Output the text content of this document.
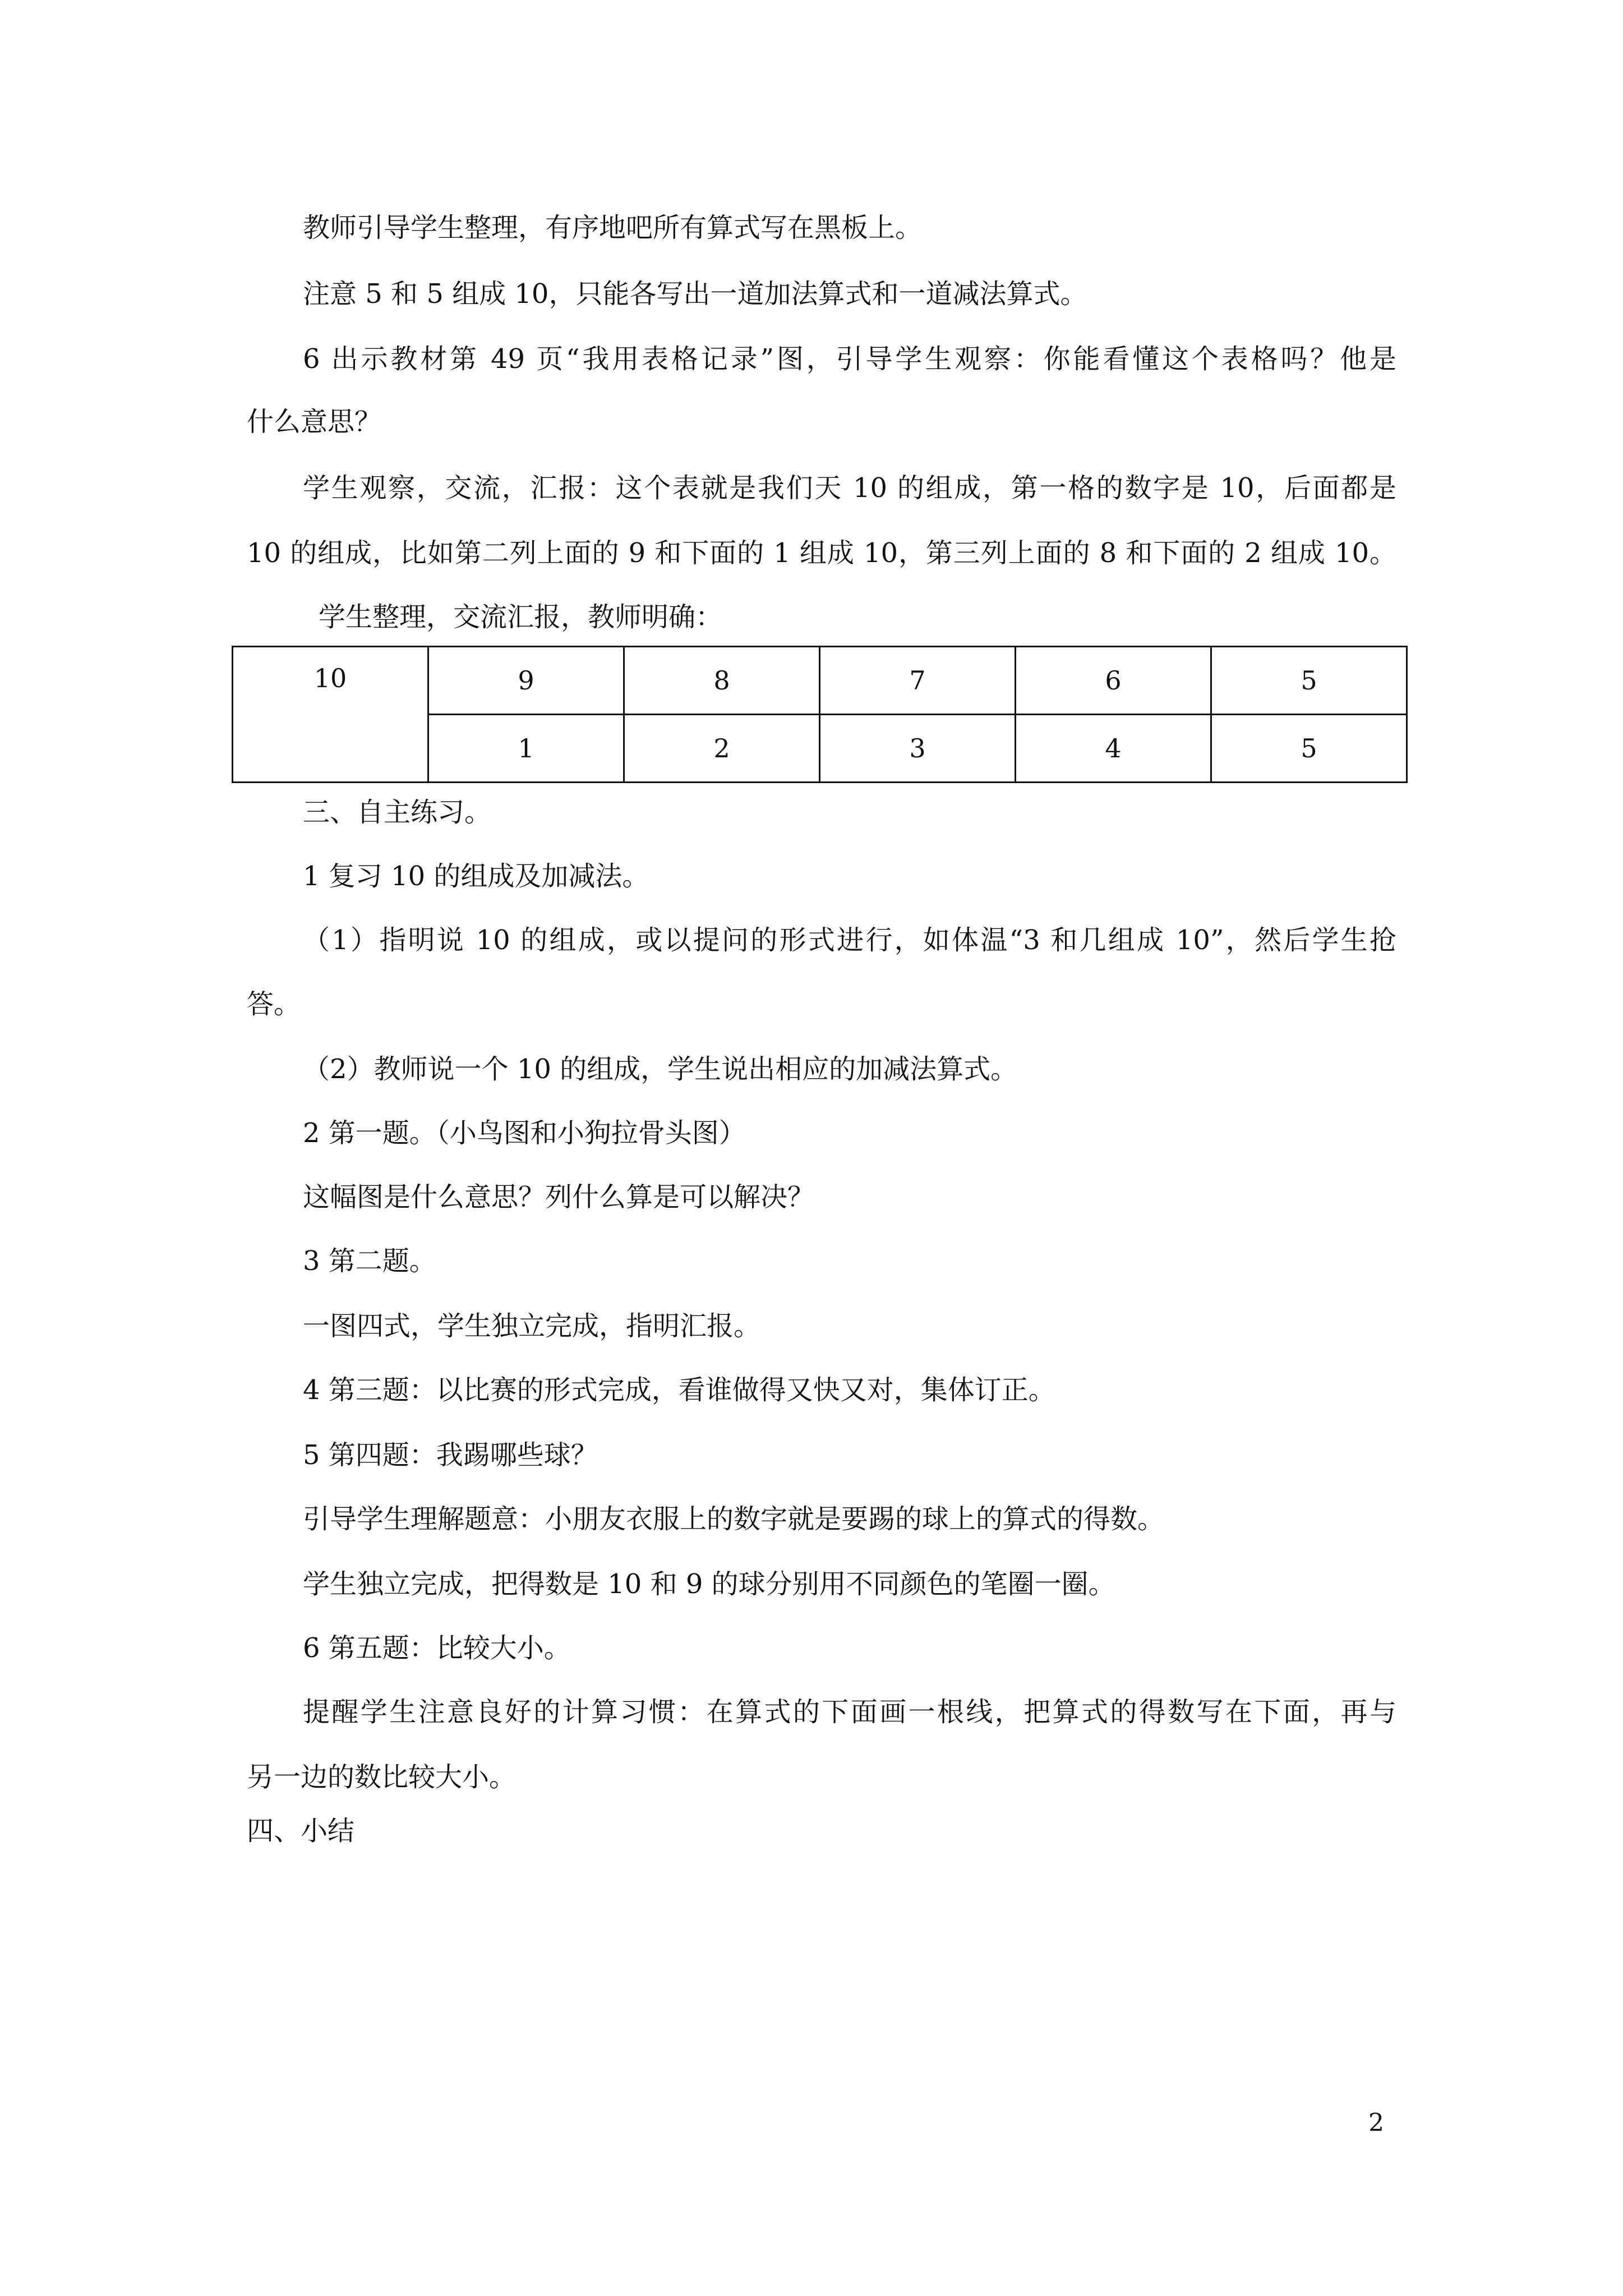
教师引导学生整理，有序地吧所有算式写在黑板上。

注意 5 和 5 组成 10，只能各写出一道加法算式和一道减法算式。

6 出示教材第 49 页“我用表格记录”图，引导学生观察：你能看懂这个表格吗？他是

什么意思？

学生观察，交流，汇报：这个表就是我们天 10 的组成，第一格的数字是 10，后面都是

10 的组成，比如第二列上面的 9 和下面的 1 组成 10，第三列上面的 8 和下面的 2 组成 10。

学生整理，交流汇报，教师明确：

10	9	8	7	6	5
	1	2	3	4	5

三、自主练习。

1 复习 10 的组成及加减法。

（1）指明说 10 的组成，或以提问的形式进行，如体温“3 和几组成 10”，然后学生抢

答。

（2）教师说一个 10 的组成，学生说出相应的加减法算式。

2 第一题。（小鸟图和小狗拉骨头图）

这幅图是什么意思？列什么算是可以解决？

3 第二题。

一图四式，学生独立完成，指明汇报。

4 第三题：以比赛的形式完成，看谁做得又快又对，集体订正。

5 第四题：我踢哪些球？

引导学生理解题意：小朋友衣服上的数字就是要踢的球上的算式的得数。

学生独立完成，把得数是 10 和 9 的球分别用不同颜色的笔圈一圈。

6 第五题：比较大小。

提醒学生注意良好的计算习惯：在算式的下面画一根线，把算式的得数写在下面，再与

另一边的数比较大小。

四、小结

2
